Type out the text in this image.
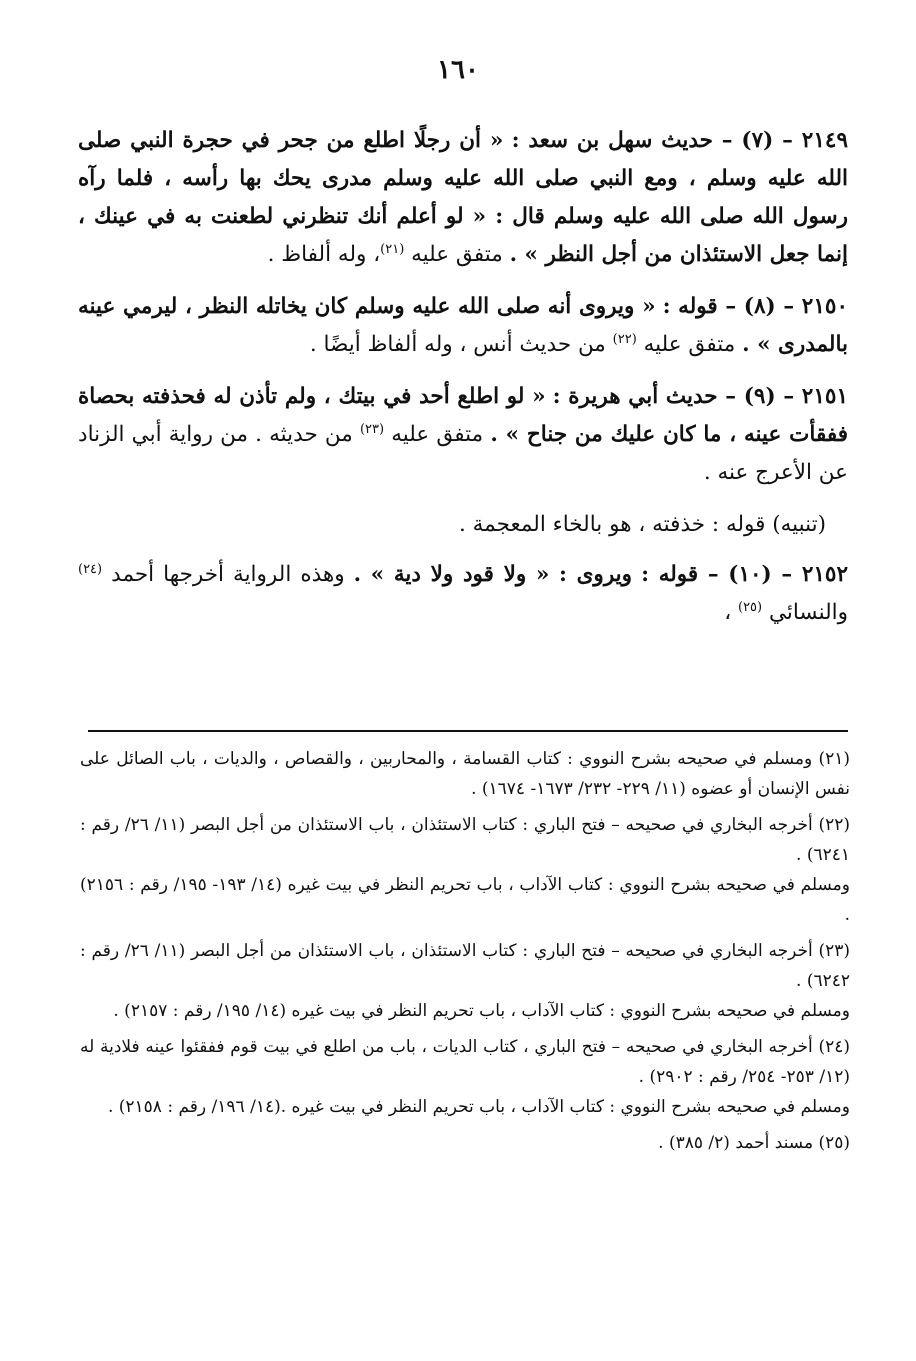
١٦٠

٢١٤٩ – (٧) – حديث سهل بن سعد : « أن رجلًا اطلع من جحر في حجرة النبي صلى الله عليه وسلم ، ومع النبي صلى الله عليه وسلم مدرى يحك بها رأسه ، فلما رآه رسول الله صلى الله عليه وسلم قال : « لو أعلم أنك تنظرني لطعنت به في عينك ، إنما جعل الاستئذان من أجل النظر » . متفق عليه $^{(٢١)}$، وله ألفاظ .

٢١٥٠ – (٨) – قوله : « ويروى أنه صلى الله عليه وسلم كان يخاتله النظر ، ليرمي عينه بالمدرى » . متفق عليه $^{(٢٢)}$ من حديث أنس ، وله ألفاظ أيضًا .

٢١٥١ – (٩) – حديث أبي هريرة : « لو اطلع أحد في بيتك ، ولم تأذن له فحذفته بحصاة ففقأت عينه ، ما كان عليك من جناح » . متفق عليه $^{(٢٣)}$ من حديثه . من رواية أبي الزناد عن الأعرج عنه .

(تنبيه) قوله : خذفته ، هو بالخاء المعجمة .

٢١٥٢ – (١٠) – قوله : ويروى : « ولا قود ولا دية » . وهذه الرواية أخرجها أحمد $^{(٢٤)}$ والنسائي $^{(٢٥)}$ ،

(٢١) ومسلم في صحيحه بشرح النووي : كتاب القسامة ، والمحاربين ، والقصاص ، والديات ، باب الصائل على نفس الإنسان أو عضوه (١١/ ٢٢٩- ٢٣٢/ ١٦٧٣- ١٦٧٤) .
(٢٢) أخرجه البخاري في صحيحه – فتح الباري : كتاب الاستئذان ، باب الاستئذان من أجل البصر (١١/ ٢٦/ رقم : ٦٢٤١) .
ومسلم في صحيحه بشرح النووي : كتاب الآداب ، باب تحريم النظر في بيت غيره (١٤/ ١٩٣- ١٩٥/ رقم : ٢١٥٦) .
(٢٣) أخرجه البخاري في صحيحه – فتح الباري : كتاب الاستئذان ، باب الاستئذان من أجل البصر (١١/ ٢٦/ رقم : ٦٢٤٢) .
ومسلم في صحيحه بشرح النووي : كتاب الآداب ، باب تحريم النظر في بيت غيره (١٤/ ١٩٥/ رقم : ٢١٥٧) .
(٢٤) أخرجه البخاري في صحيحه – فتح الباري ، كتاب الديات ، باب من اطلع في بيت قوم ففقئوا عينه فلادية له (١٢/ ٢٥٣- ٢٥٤/ رقم : ٢٩٠٢) .
ومسلم في صحيحه بشرح النووي : كتاب الآداب ، باب تحريم النظر في بيت غيره .(١٤/ ١٩٦/ رقم : ٢١٥٨) .
(٢٥) مسند أحمد (٢/ ٣٨٥) .
